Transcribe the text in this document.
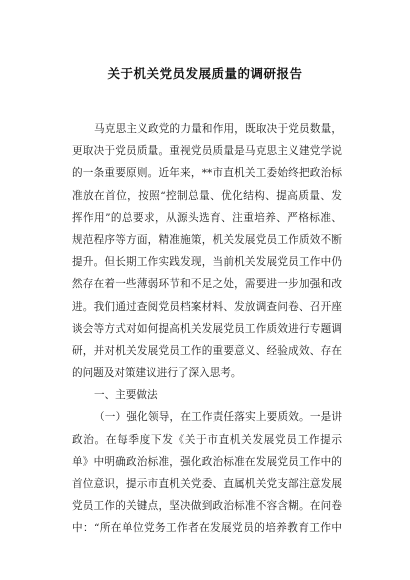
关于机关党员发展质量的调研报告
马克思主义政党的力量和作用，既取决于党员数量，
更取决于党员质量。重视党员质量是马克思主义建党学说
的一条重要原则。近年来，**市直机关工委始终把政治标
准放在首位，按照“控制总量、优化结构、提高质量、发
挥作用”的总要求，从源头选育、注重培养、严格标准、
规范程序等方面，精准施策，机关发展党员工作质效不断
提升。但长期工作实践发现，当前机关发展党员工作中仍
然存在着一些薄弱环节和不足之处，需要进一步加强和改
进。我们通过查阅党员档案材料、发放调查问卷、召开座
谈会等方式对如何提高机关发展党员工作质效进行专题调
研，并对机关发展党员工作的重要意义、经验成效、存在
的问题及对策建议进行了深入思考。
一、主要做法
（一）强化领导，在工作责任落实上要质效。一是讲
政治。在每季度下发《关于市直机关发展党员工作提示
单》中明确政治标准，强化政治标准在发展党员工作中的
首位意识，提示市直机关党委、直属机关党支部注意发展
党员工作的关键点，坚决做到政治标准不容含糊。在问卷
中：“所在单位党务工作者在发展党员的培养教育工作中
